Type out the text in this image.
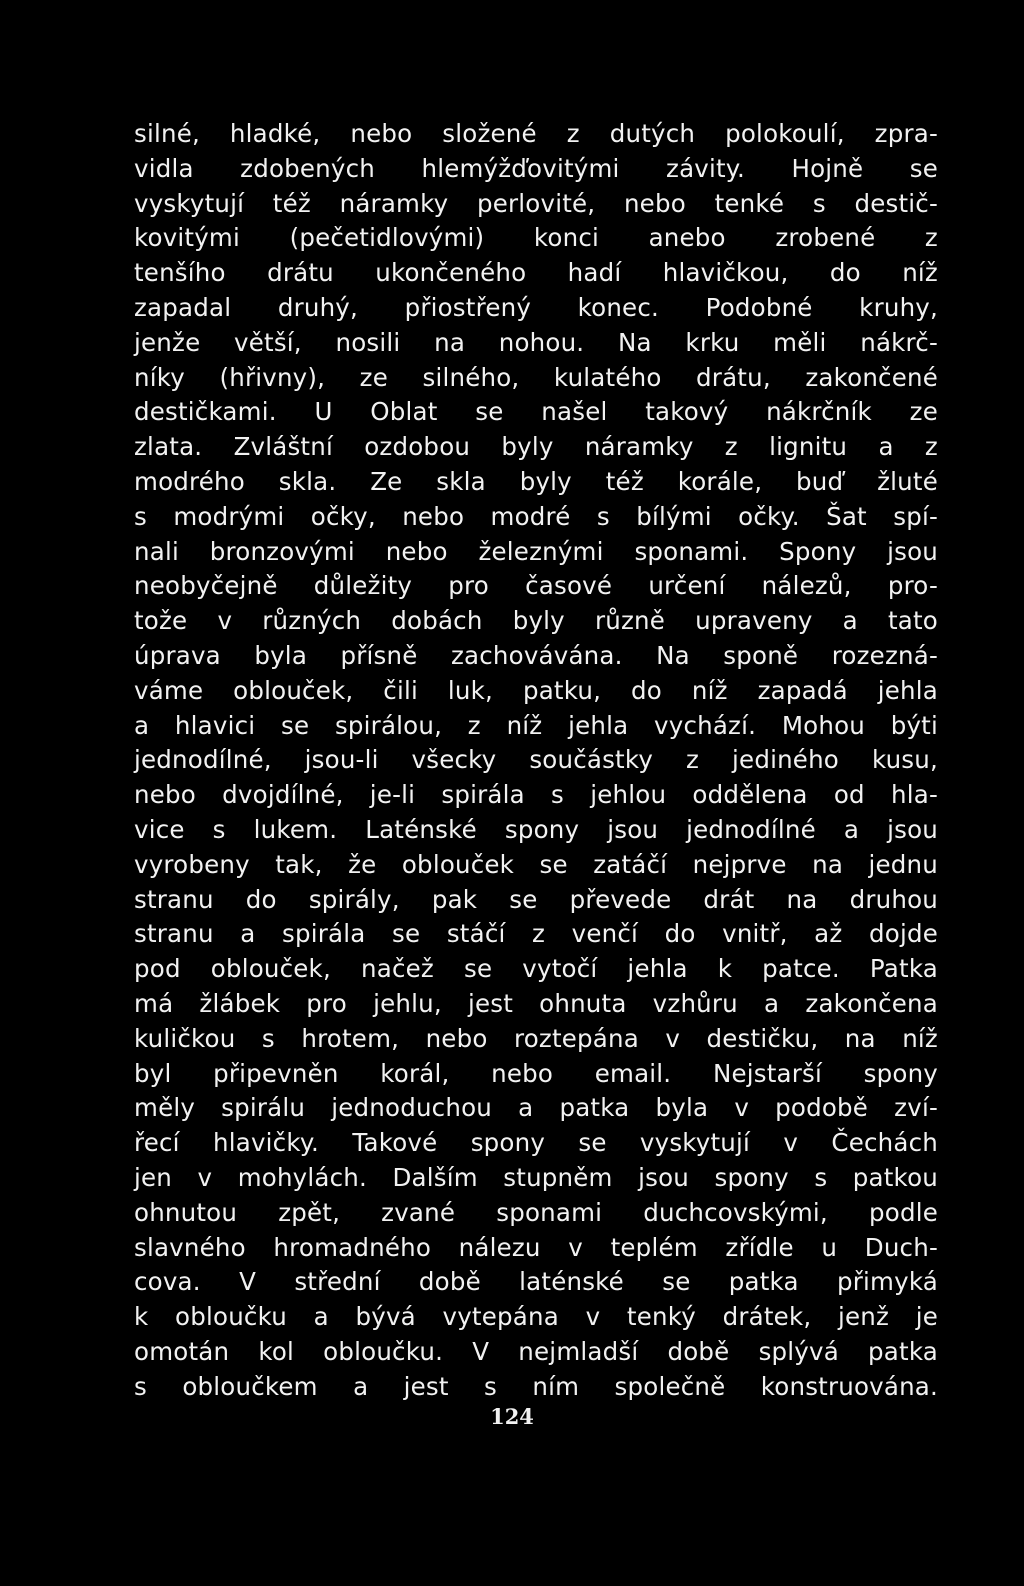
silné, hladké, nebo složené z dutých polokoulí, zpra-
vidla zdobených hlemýžďovitými závity. Hojně se
vyskytují též náramky perlovité, nebo tenké s destič-
kovitými (pečetidlovými) konci anebo zrobené z
tenšího drátu ukončeného hadí hlavičkou, do níž
zapadal druhý, přiostřený konec. Podobné kruhy,
jenže větší, nosili na nohou. Na krku měli nákrč-
níky (hřivny), ze silného, kulatého drátu, zakončené
destičkami. U Oblat se našel takový nákrčník ze
zlata. Zvláštní ozdobou byly náramky z lignitu a z
modrého skla. Ze skla byly též korále, buď žluté
s modrými očky, nebo modré s bílými očky. Šat spí-
nali bronzovými nebo železnými sponami. Spony jsou
neobyčejně důležity pro časové určení nálezů, pro-
tože v různých dobách byly různě upraveny a tato
úprava byla přísně zachovávána. Na sponě rozezná-
váme oblouček, čili luk, patku, do níž zapadá jehla
a hlavici se spirálou, z níž jehla vychází. Mohou býti
jednodílné, jsou-li všecky součástky z jediného kusu,
nebo dvojdílné, je-li spirála s jehlou oddělena od hla-
vice s lukem. Laténské spony jsou jednodílné a jsou
vyrobeny tak, že oblouček se zatáčí nejprve na jednu
stranu do spirály, pak se převede drát na druhou
stranu a spirála se stáčí z venčí do vnitř, až dojde
pod oblouček, načež se vytočí jehla k patce. Patka
má žlábek pro jehlu, jest ohnuta vzhůru a zakončena
kuličkou s hrotem, nebo roztepána v destičku, na níž
byl připevněn korál, nebo email. Nejstarší spony
měly spirálu jednoduchou a patka byla v podobě zví-
řecí hlavičky. Takové spony se vyskytují v Čechách
jen v mohylách. Dalším stupněm jsou spony s patkou
ohnutou zpět, zvané sponami duchcovskými, podle
slavného hromadného nálezu v teplém zřídle u Duch-
cova. V střední době laténské se patka přimyká
k oblоučku a bývá vytepána v tenký drátek, jenž je
omotán kol obloučku. V nejmladší době splývá patka
s obloučkem a jest s ním společně konstruována.
124
